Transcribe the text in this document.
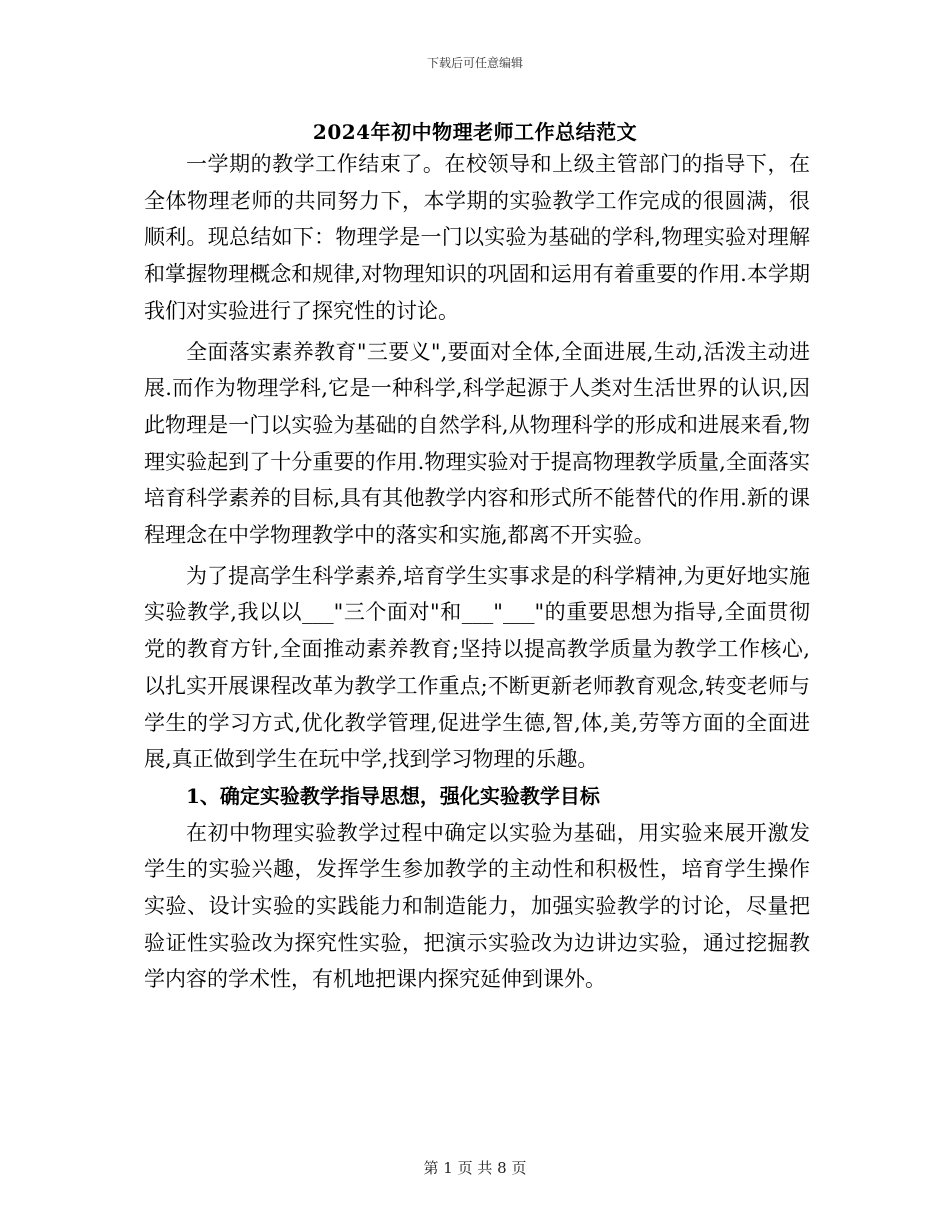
下载后可任意编辑
2024年初中物理老师工作总结范文

一学期的教学工作结束了。在校领导和上级主管部门的指导下，在全体物理老师的共同努力下，本学期的实验教学工作完成的很圆满，很顺利。现总结如下：物理学是一门以实验为基础的学科,物理实验对理解和掌握物理概念和规律,对物理知识的巩固和运用有着重要的作用.本学期我们对实验进行了探究性的讨论。

全面落实素养教育"三要义",要面对全体,全面进展,生动,活泼主动进展.而作为物理学科,它是一种科学,科学起源于人类对生活世界的认识,因此物理是一门以实验为基础的自然学科,从物理科学的形成和进展来看,物理实验起到了十分重要的作用.物理实验对于提高物理教学质量,全面落实培育科学素养的目标,具有其他教学内容和形式所不能替代的作用.新的课程理念在中学物理教学中的落实和实施,都离不开实验。

为了提高学生科学素养,培育学生实事求是的科学精神,为更好地实施实验教学,我以以___"三个面对"和___"___"的重要思想为指导,全面贯彻党的教育方针,全面推动素养教育;坚持以提高教学质量为教学工作核心,以扎实开展课程改革为教学工作重点;不断更新老师教育观念,转变老师与学生的学习方式,优化教学管理,促进学生德,智,体,美,劳等方面的全面进展,真正做到学生在玩中学,找到学习物理的乐趣。

1、确定实验教学指导思想，强化实验教学目标

在初中物理实验教学过程中确定以实验为基础，用实验来展开激发学生的实验兴趣，发挥学生参加教学的主动性和积极性，培育学生操作实验、设计实验的实践能力和制造能力，加强实验教学的讨论，尽量把验证性实验改为探究性实验，把演示实验改为边讲边实验，通过挖掘教学内容的学术性，有机地把课内探究延伸到课外。

第 1 页 共 8 页
